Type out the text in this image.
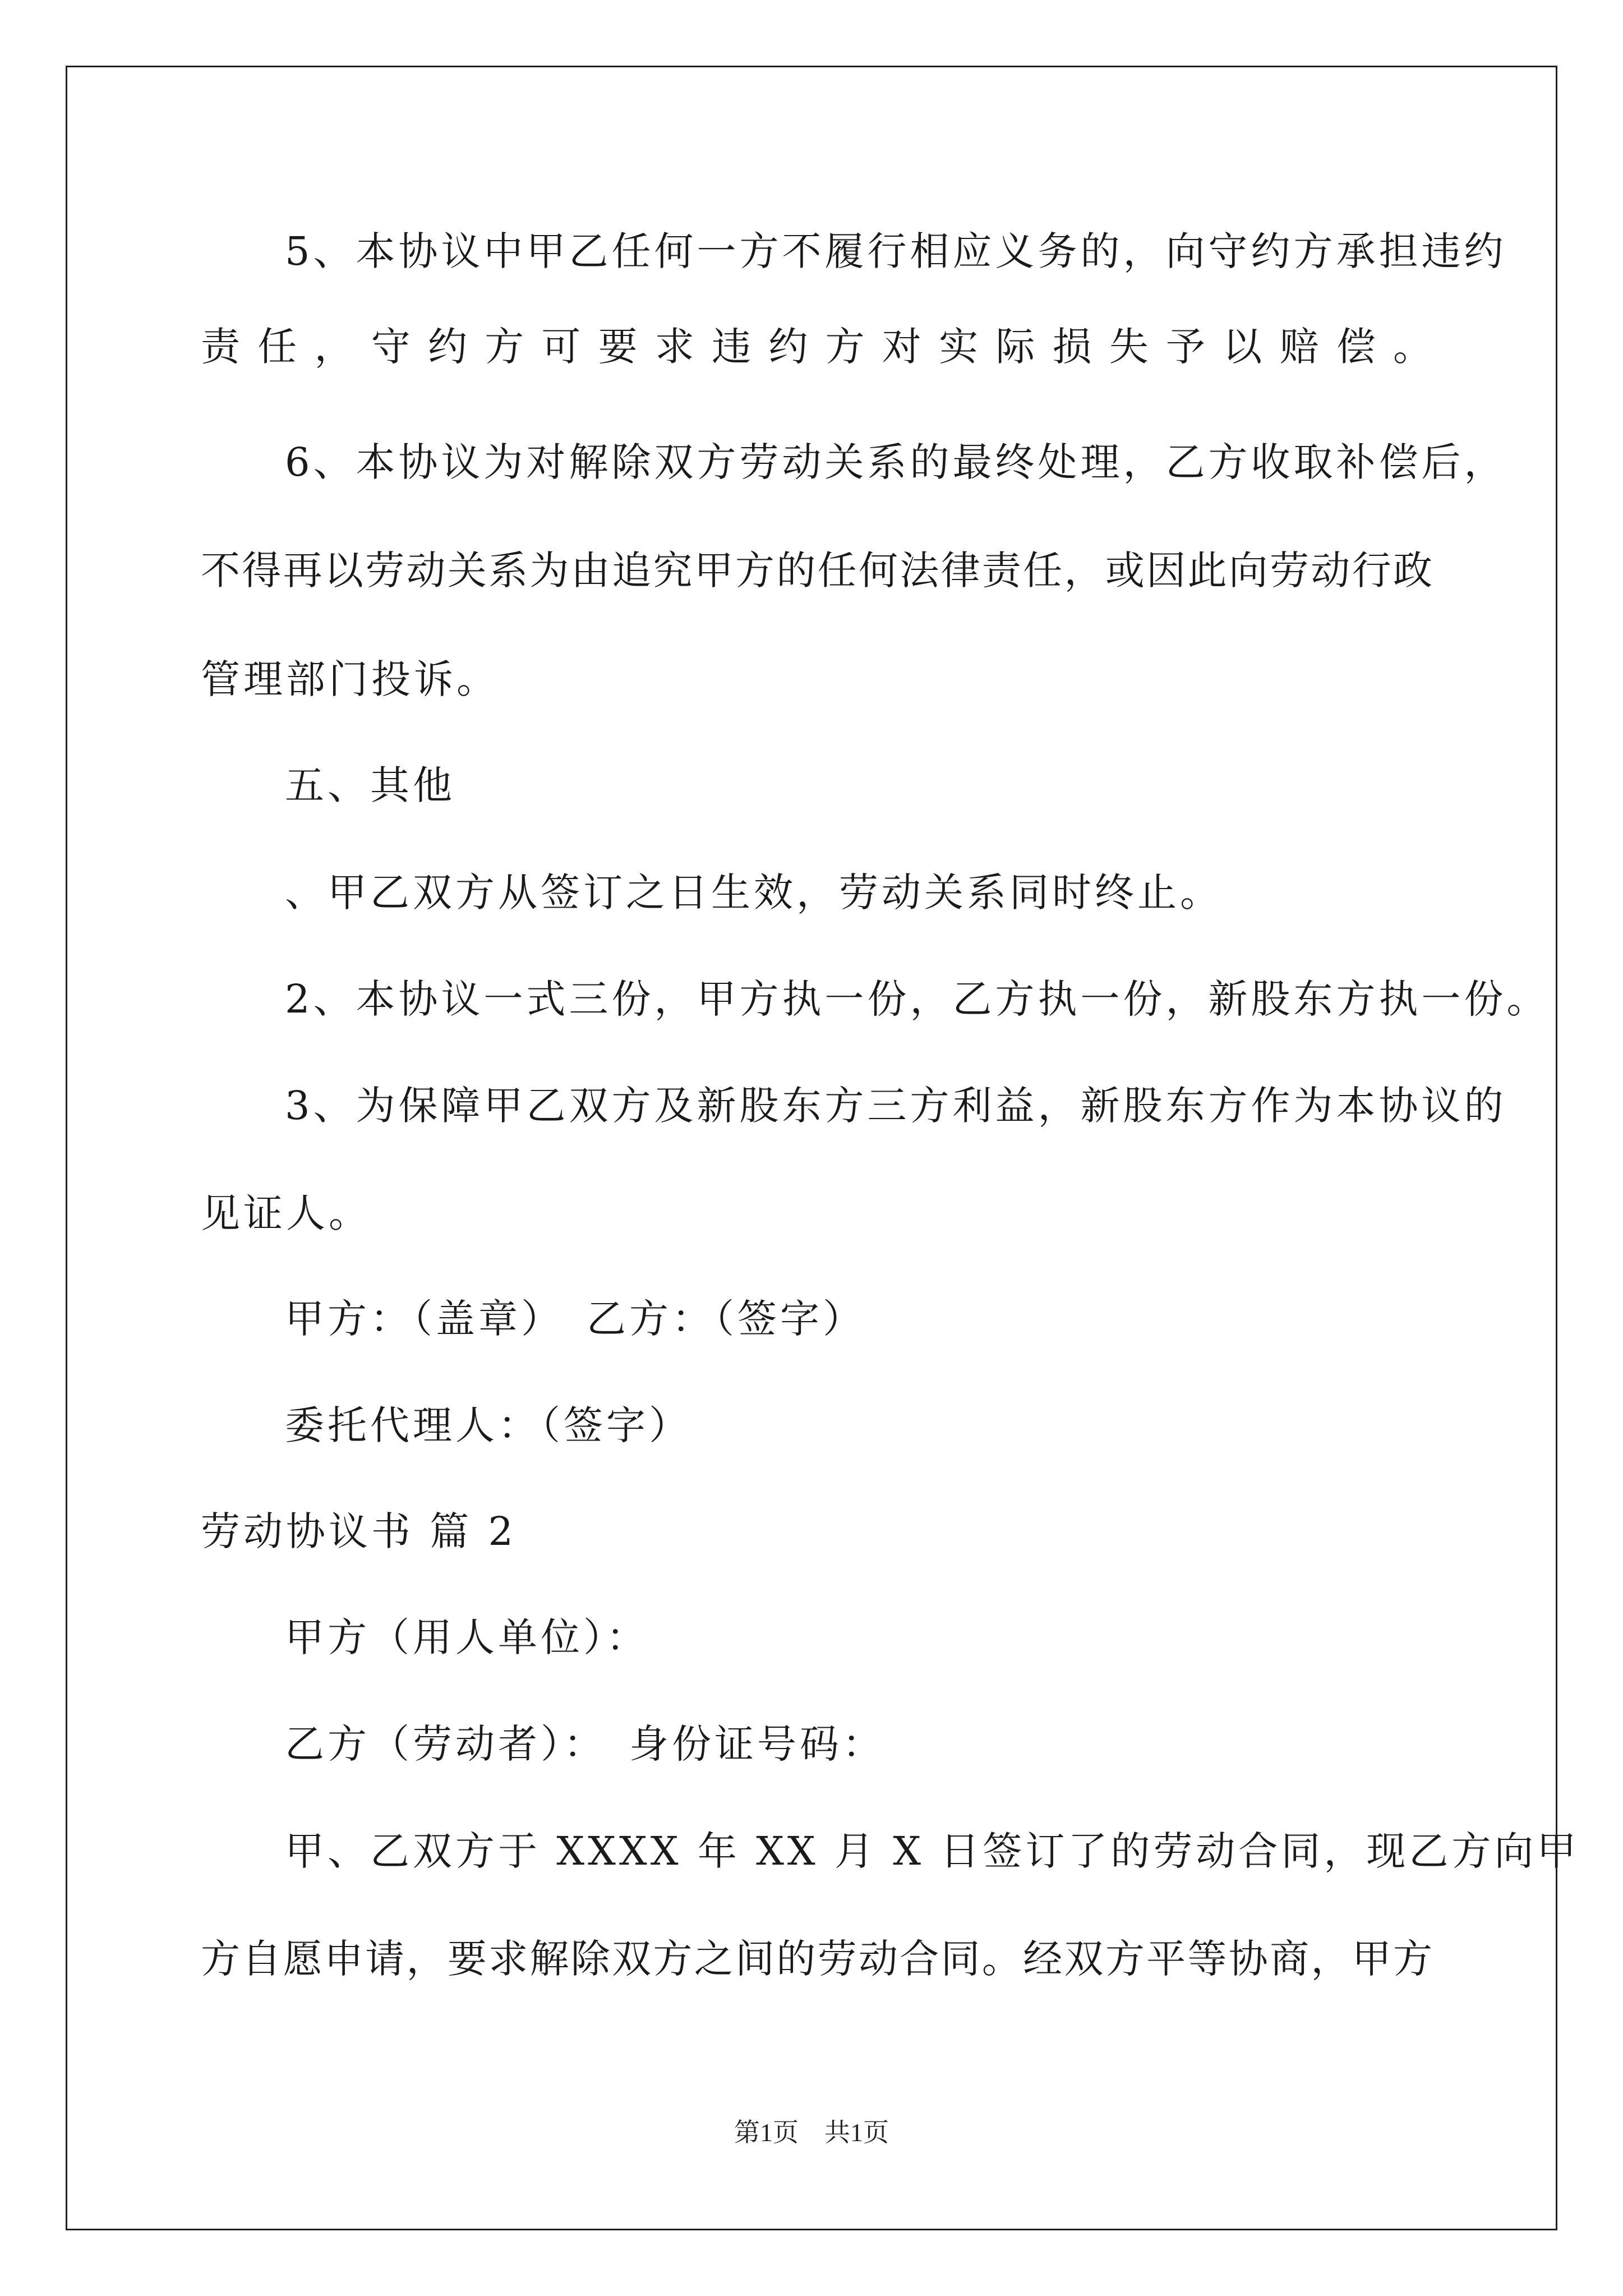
5、本协议中甲乙任何一方不履行相应义务的，向守约方承担违约
责任，守约方可要求违约方对实际损失予以赔偿。
6、本协议为对解除双方劳动关系的最终处理，乙方收取补偿后，
不得再以劳动关系为由追究甲方的任何法律责任，或因此向劳动行政
管理部门投诉。
五、其他
、甲乙双方从签订之日生效，劳动关系同时终止。
2、本协议一式三份，甲方执一份，乙方执一份，新股东方执一份。
3、为保障甲乙双方及新股东方三方利益，新股东方作为本协议的
见证人。
甲方：（盖章）　乙方：（签字）
委托代理人：（签字）
劳动协议书 篇 2
甲方（用人单位）：
乙方（劳动者）：　身份证号码：
甲、乙双方于 XXXX 年 XX 月 X 日签订了的劳动合同，现乙方向甲
方自愿申请，要求解除双方之间的劳动合同。经双方平等协商，甲方
第1页　共1页
